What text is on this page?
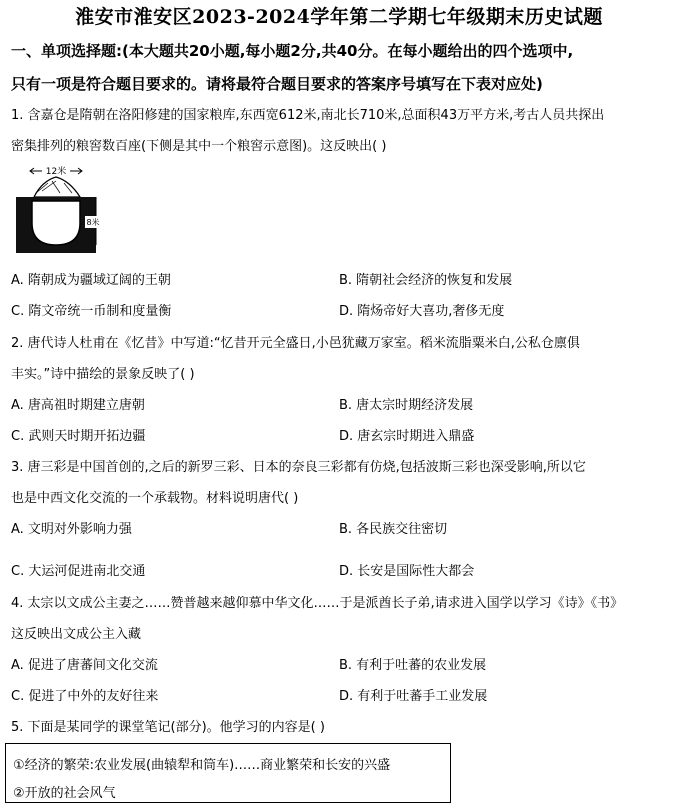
淮安市淮安区2023-2024学年第二学期七年级期末历史试题
一、单项选择题:(本大题共20小题,每小题2分,共40分。在每小题给出的四个选项中,
只有一项是符合题目要求的。请将最符合题目要求的答案序号填写在下表对应处)
1. 含嘉仓是隋朝在洛阳修建的国家粮库,东西宽612米,南北长710米,总面积43万平方米,考古人员共探出
密集排列的粮窖数百座(下侧是其中一个粮窖示意图)。这反映出( )
12米
8米
A. 隋朝成为疆域辽阔的王朝	B. 隋朝社会经济的恢复和发展
C. 隋文帝统一币制和度量衡	D. 隋炀帝好大喜功,奢侈无度
2. 唐代诗人杜甫在《忆昔》中写道:“忆昔开元全盛日,小邑犹藏万家室。稻米流脂粟米白,公私仓廪俱
丰实。”诗中描绘的景象反映了( )
A. 唐高祖时期建立唐朝	B. 唐太宗时期经济发展
C. 武则天时期开拓边疆	D. 唐玄宗时期进入鼎盛
3. 唐三彩是中国首创的,之后的新罗三彩、日本的奈良三彩都有仿烧,包括波斯三彩也深受影响,所以它
也是中西文化交流的一个承载物。材料说明唐代( )
A. 文明对外影响力强	B. 各民族交往密切
C. 大运河促进南北交通	D. 长安是国际性大都会
4. 太宗以文成公主妻之……赞普越来越仰慕中华文化……于是派酋长子弟,请求进入国学以学习《诗》《书》
这反映出文成公主入藏
A. 促进了唐蕃间文化交流	B. 有利于吐蕃的农业发展
C. 促进了中外的友好往来	D. 有利于吐蕃手工业发展
5. 下面是某同学的课堂笔记(部分)。他学习的内容是( )
①经济的繁荣:农业发展(曲辕犁和筒车)……商业繁荣和长安的兴盛
②开放的社会风气
